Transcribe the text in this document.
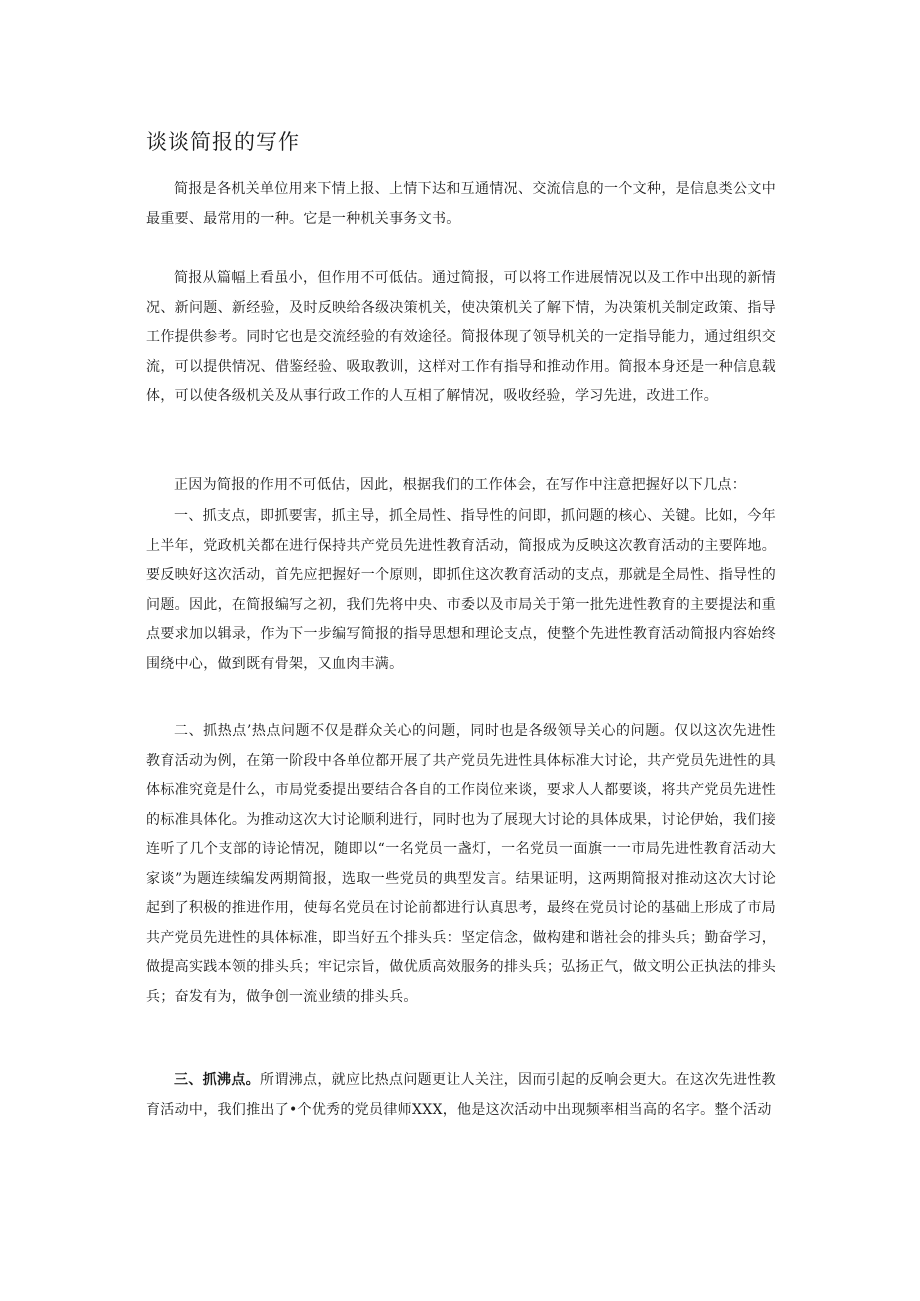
谈谈简报的写作

简报是各机关单位用来下情上报、上情下达和互通情况、交流信息的一个文种，是信息类公文中最重要、最常用的一种。它是一种机关事务文书。

简报从篇幅上看虽小，但作用不可低估。通过简报，可以将工作进展情况以及工作中出现的新情况、新问题、新经验，及时反映给各级决策机关，使决策机关了解下情，为决策机关制定政策、指导工作提供参考。同时它也是交流经验的有效途径。简报体现了领导机关的一定指导能力，通过组织交流，可以提供情况、借鉴经验、吸取教训，这样对工作有指导和推动作用。简报本身还是一种信息载体，可以使各级机关及从事行政工作的人互相了解情况，吸收经验，学习先进，改进工作。

正因为简报的作用不可低估，因此，根据我们的工作体会，在写作中注意把握好以下几点：

一、抓支点，即抓要害，抓主导，抓全局性、指导性的问即，抓问题的核心、关键。比如，今年上半年，党政机关都在进行保持共产党员先进性教育活动，简报成为反映这次教育活动的主要阵地。要反映好这次活动，首先应把握好一个原则，即抓住这次教育活动的支点，那就是全局性、指导性的问题。因此，在简报编写之初，我们先将中央、市委以及市局关于第一批先进性教育的主要提法和重点要求加以辑录，作为下一步编写简报的指导思想和理论支点，使整个先进性教育活动简报内容始终围绕中心，做到既有骨架，又血肉丰满。

二、抓热点’热点问题不仅是群众关心的问题，同时也是各级领导关心的问题。仅以这次先进性教育活动为例，在第一阶段中各单位都开展了共产党员先进性具体标准大讨论，共产党员先进性的具体标准究竟是什么，市局党委提出要结合各自的工作岗位来谈，要求人人都要谈，将共产党员先进性的标准具体化。为推动这次大讨论顺利进行，同时也为了展现大讨论的具体成果，讨论伊始，我们接连听了几个支部的诗论情况，随即以“一名党员一盏灯，一名党员一面旗一一市局先进性教育活动大家谈”为题连续编发两期简报，选取一些党员的典型发言。结果证明，这两期简报对推动这次大讨论起到了积极的推进作用，使每名党员在讨论前都进行认真思考，最终在党员讨论的基础上形成了市局共产党员先进性的具体标准，即当好五个排头兵：坚定信念，做构建和谐社会的排头兵；勤奋学习，做提高实践本领的排头兵；牢记宗旨，做优质高效服务的排头兵；弘扬正气，做文明公正执法的排头兵；奋发有为，做争创一流业绩的排头兵。

三、抓沸点。所谓沸点，就应比热点问题更让人关注，因而引起的反响会更大。在这次先进性教育活动中，我们推出了•个优秀的党员律师XXX，他是这次活动中出现频率相当高的名字。整个活动
